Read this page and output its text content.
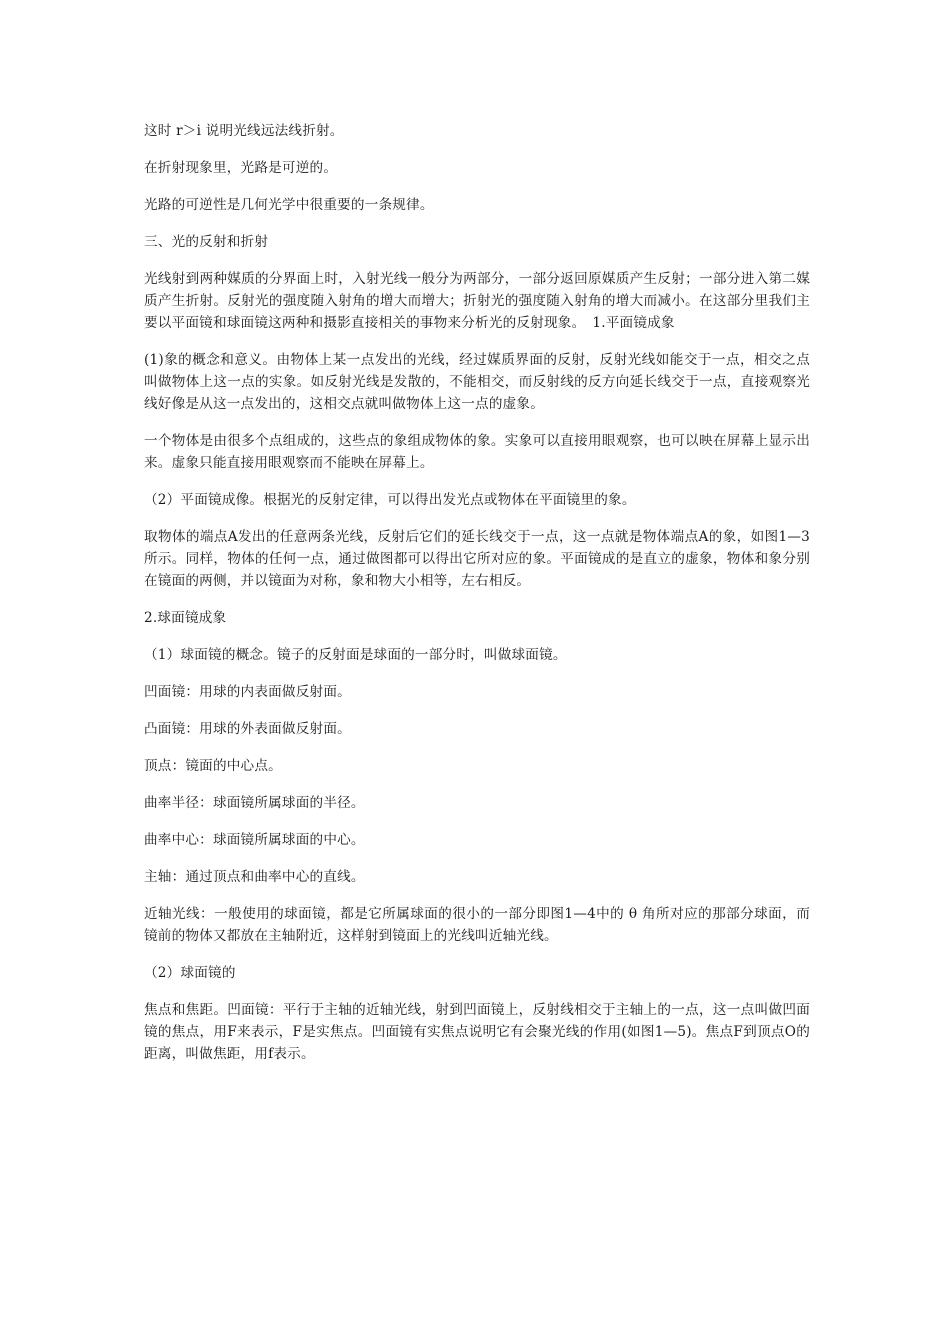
这时 r＞i 说明光线远法线折射。

在折射现象里，光路是可逆的。

光路的可逆性是几何光学中很重要的一条规律。

三、光的反射和折射

光线射到两种媒质的分界面上时，入射光线一般分为两部分，一部分返回原媒质产生反射；一部分进入第二媒质产生折射。反射光的强度随入射角的增大而增大；折射光的强度随入射角的增大而减小。在这部分里我们主要以平面镜和球面镜这两种和摄影直接相关的事物来分析光的反射现象。　1.平面镜成象

(1)象的概念和意义。由物体上某一点发出的光线，经过媒质界面的反射，反射光线如能交于一点，相交之点叫做物体上这一点的实象。如反射光线是发散的，不能相交，而反射线的反方向延长线交于一点，直接观察光线好像是从这一点发出的，这相交点就叫做物体上这一点的虚象。

一个物体是由很多个点组成的，这些点的象组成物体的象。实象可以直接用眼观察，也可以映在屏幕上显示出来。虚象只能直接用眼观察而不能映在屏幕上。

（2）平面镜成像。根据光的反射定律，可以得出发光点或物体在平面镜里的象。

取物体的端点A发出的任意两条光线，反射后它们的延长线交于一点，这一点就是物体端点A的象，如图1—3所示。同样，物体的任何一点，通过做图都可以得出它所对应的象。平面镜成的是直立的虚象，物体和象分别在镜面的两侧，并以镜面为对称，象和物大小相等，左右相反。

2.球面镜成象

（1）球面镜的概念。镜子的反射面是球面的一部分时，叫做球面镜。

凹面镜：用球的内表面做反射面。

凸面镜：用球的外表面做反射面。

顶点：镜面的中心点。

曲率半径：球面镜所属球面的半径。

曲率中心：球面镜所属球面的中心。

主轴：通过顶点和曲率中心的直线。

近轴光线：一般使用的球面镜，都是它所属球面的很小的一部分即图1—4中的 θ 角所对应的那部分球面，而镜前的物体又都放在主轴附近，这样射到镜面上的光线叫近轴光线。

（2）球面镜的

焦点和焦距。凹面镜：平行于主轴的近轴光线，射到凹面镜上，反射线相交于主轴上的一点，这一点叫做凹面镜的焦点，用F来表示，F是实焦点。凹面镜有实焦点说明它有会聚光线的作用(如图1—5)。焦点F到顶点O的距离，叫做焦距，用f表示。
